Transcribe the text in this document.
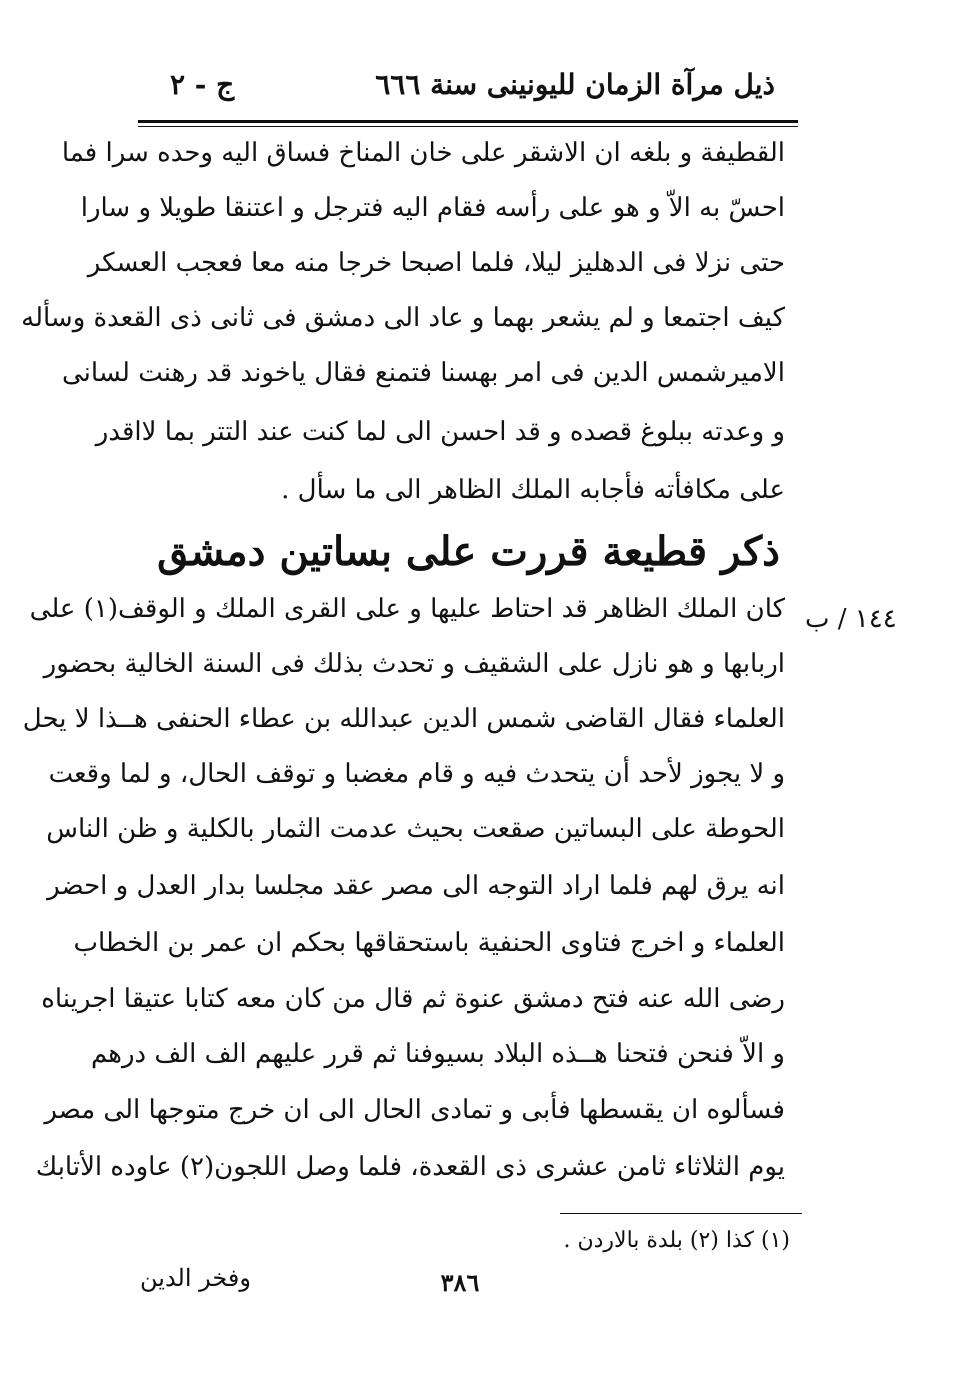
ذيل مرآة الزمان لليونينى سنة ٦٦٦
ج - ٢
القطيفة و بلغه ان الاشقر على خان المناخ فساق اليه وحده سرا فما
احسّ به الاّ و هو على رأسه فقام اليه فترجل و اعتنقا طويلا و سارا
حتى نزلا فى الدهليز ليلا، فلما اصبحا خرجا منه معا فعجب العسكر
كيف اجتمعا و لم يشعر بهما و عاد الى دمشق فى ثانى ذى القعدة وسأله
الاميرشمس الدين فى امر بهسنا فتمنع فقال ياخوند قد رهنت لسانى
و وعدته ببلوغ قصده و قد احسن الى لما كنت عند التتر بما لااقدر
على مكافأته فأجابه الملك الظاهر الى ما سأل .
ذكر قطيعة قررت على بساتين دمشق
١٤٤ / ب
كان الملك الظاهر قد احتاط عليها و على القرى الملك و الوقف(١) على
اربابها و هو نازل على الشقيف و تحدث بذلك فى السنة الخالية بحضور
العلماء فقال القاضى شمس الدين عبدالله بن عطاء الحنفى هــذا لا يحل
و لا يجوز لأحد أن يتحدث فيه و قام مغضبا و توقف الحال، و لما وقعت
الحوطة على البساتين صقعت بحيث عدمت الثمار بالكلية و ظن الناس
انه يرق لهم فلما اراد التوجه الى مصر عقد مجلسا بدار العدل و احضر
العلماء و اخرج فتاوى الحنفية باستحقاقها بحكم ان عمر بن الخطاب
رضى الله عنه فتح دمشق عنوة ثم قال من كان معه كتابا عتيقا اجريناه
و الاّ فنحن فتحنا هــذه البلاد بسيوفنا ثم قرر عليهم الف الف درهم
فسألوه ان يقسطها فأبى و تمادى الحال الى ان خرج متوجها الى مصر
يوم الثلاثاء ثامن عشرى ذى القعدة، فلما وصل اللجون(٢) عاوده الأتابك
(١) كذا (٢) بلدة بالاردن .
٣٨٦
وفخر الدين
